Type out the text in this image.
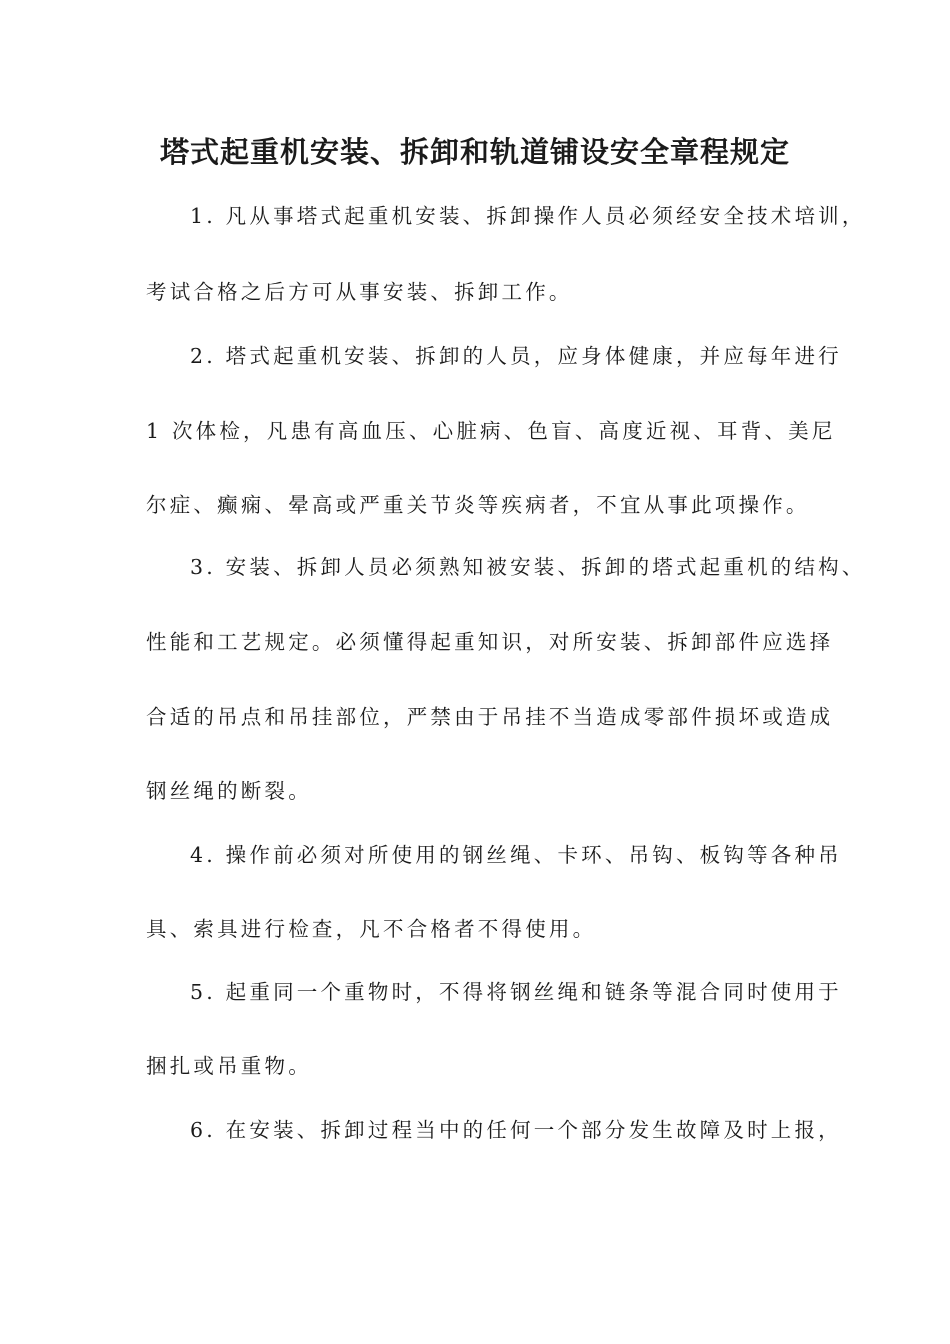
塔式起重机安装、拆卸和轨道铺设安全章程规定
1. 凡从事塔式起重机安装、拆卸操作人员必须经安全技术培训，
考试合格之后方可从事安装、拆卸工作。
2. 塔式起重机安装、拆卸的人员，应身体健康，并应每年进行
1 次体检，凡患有高血压、心脏病、色盲、高度近视、耳背、美尼
尔症、癫痫、晕高或严重关节炎等疾病者，不宜从事此项操作。
3. 安装、拆卸人员必须熟知被安装、拆卸的塔式起重机的结构、
性能和工艺规定。必须懂得起重知识，对所安装、拆卸部件应选择
合适的吊点和吊挂部位，严禁由于吊挂不当造成零部件损坏或造成
钢丝绳的断裂。
4. 操作前必须对所使用的钢丝绳、卡环、吊钩、板钩等各种吊
具、索具进行检查，凡不合格者不得使用。
5. 起重同一个重物时，不得将钢丝绳和链条等混合同时使用于
捆扎或吊重物。
6. 在安装、拆卸过程当中的任何一个部分发生故障及时上报，
